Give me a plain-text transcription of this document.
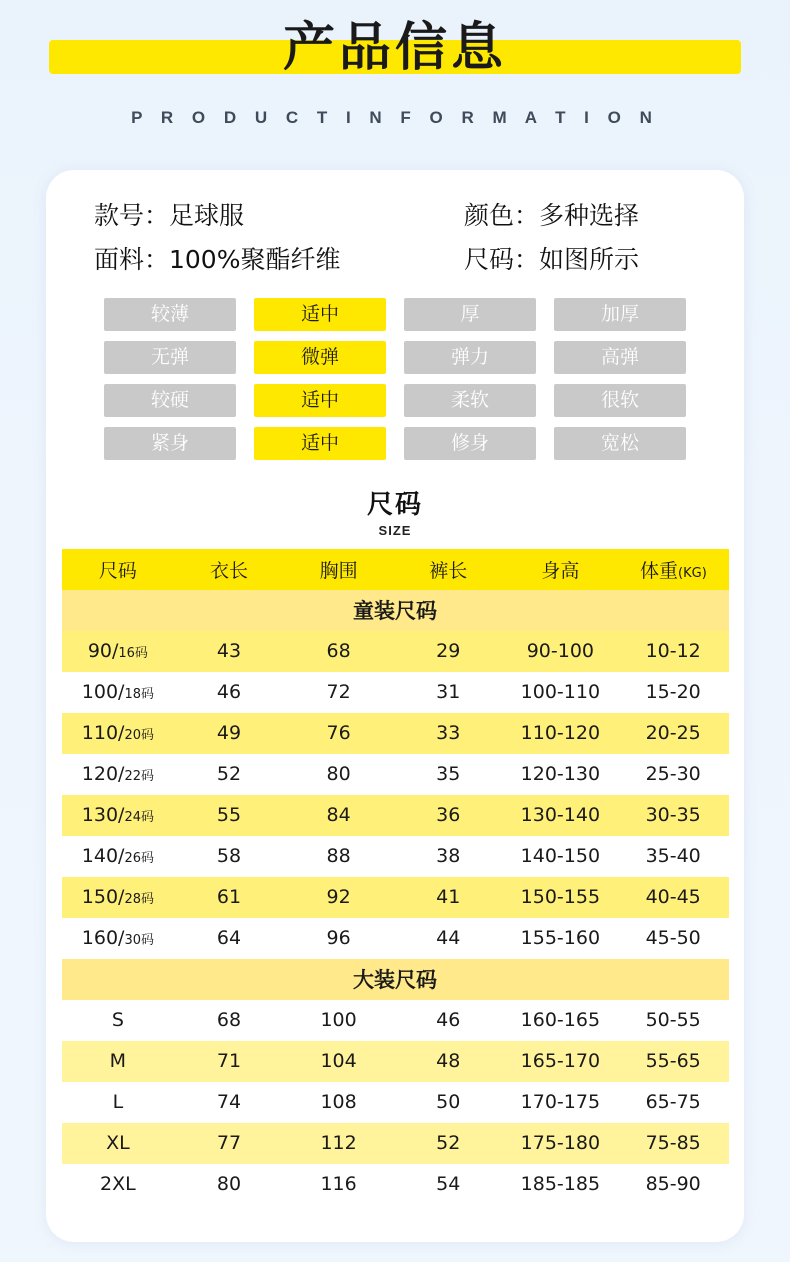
产品信息
P R O D U C T I N F O R M A T I O N
款号：足球服	颜色：多种选择
面料：100%聚酯纤维	尺码：如图所示
较薄	适中	厚	加厚
无弹	微弹	弹力	高弹
较硬	适中	柔软	很软
紧身	适中	修身	宽松
尺码
SIZE
尺码	衣长	胸围	裤长	身高	体重(KG)
童装尺码					
90/16码	43	68	29	90-100	10-12
100/18码	46	72	31	100-110	15-20
110/20码	49	76	33	110-120	20-25
120/22码	52	80	35	120-130	25-30
130/24码	55	84	36	130-140	30-35
140/26码	58	88	38	140-150	35-40
150/28码	61	92	41	150-155	40-45
160/30码	64	96	44	155-160	45-50
大装尺码					
S	68	100	46	160-165	50-55
M	71	104	48	165-170	55-65
L	74	108	50	170-175	65-75
XL	77	112	52	175-180	75-85
2XL	80	116	54	185-185	85-90
